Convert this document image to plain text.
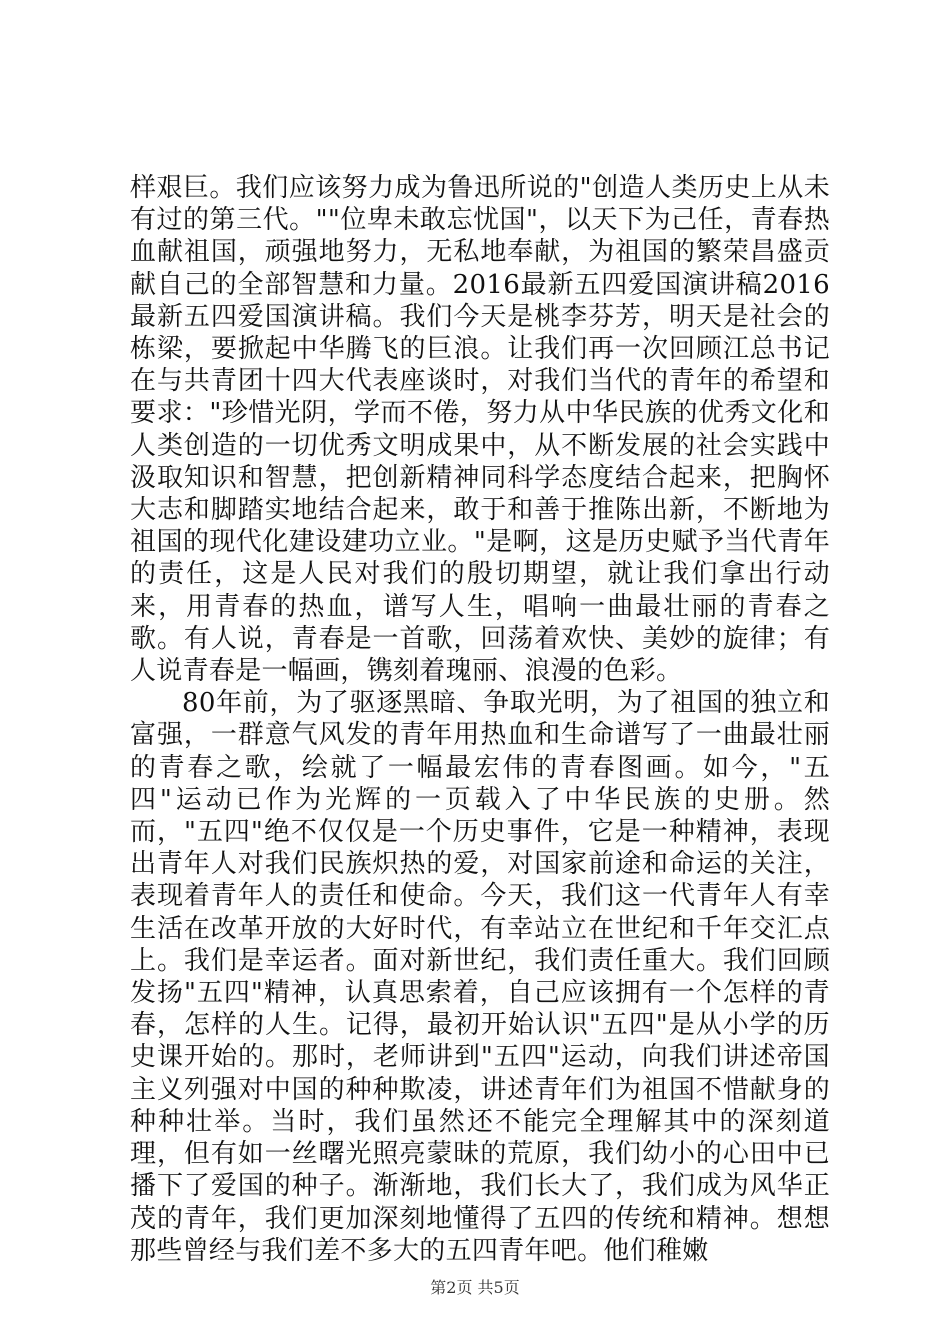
样艰巨。我们应该努力成为鲁迅所说的"创造人类历史上从未有过的第三代。""位卑未敢忘忧国"，以天下为己任，青春热血献祖国，顽强地努力，无私地奉献，为祖国的繁荣昌盛贡献自己的全部智慧和力量。2016最新五四爱国演讲稿2016最新五四爱国演讲稿。我们今天是桃李芬芳，明天是社会的栋梁，要掀起中华腾飞的巨浪。让我们再一次回顾江总书记在与共青团十四大代表座谈时，对我们当代的青年的希望和要求："珍惜光阴，学而不倦，努力从中华民族的优秀文化和人类创造的一切优秀文明成果中，从不断发展的社会实践中汲取知识和智慧，把创新精神同科学态度结合起来，把胸怀大志和脚踏实地结合起来，敢于和善于推陈出新，不断地为祖国的现代化建设建功立业。"是啊，这是历史赋予当代青年的责任，这是人民对我们的殷切期望，就让我们拿出行动来，用青春的热血，谱写人生，唱响一曲最壮丽的青春之歌。有人说，青春是一首歌，回荡着欢快、美妙的旋律；有人说青春是一幅画，镌刻着瑰丽、浪漫的色彩。

80年前，为了驱逐黑暗、争取光明，为了祖国的独立和富强，一群意气风发的青年用热血和生命谱写了一曲最壮丽的青春之歌，绘就了一幅最宏伟的青春图画。如今，"五四"运动已作为光辉的一页载入了中华民族的史册。然而，"五四"绝不仅仅是一个历史事件，它是一种精神，表现出青年人对我们民族炽热的爱，对国家前途和命运的关注，表现着青年人的责任和使命。今天，我们这一代青年人有幸生活在改革开放的大好时代，有幸站立在世纪和千年交汇点上。我们是幸运者。面对新世纪，我们责任重大。我们回顾发扬"五四"精神，认真思索着，自己应该拥有一个怎样的青春，怎样的人生。记得，最初开始认识"五四"是从小学的历史课开始的。那时，老师讲到"五四"运动，向我们讲述帝国主义列强对中国的种种欺凌，讲述青年们为祖国不惜献身的种种壮举。当时，我们虽然还不能完全理解其中的深刻道理，但有如一丝曙光照亮蒙昧的荒原，我们幼小的心田中已播下了爱国的种子。渐渐地，我们长大了，我们成为风华正茂的青年，我们更加深刻地懂得了五四的传统和精神。想想那些曾经与我们差不多大的五四青年吧。他们稚嫩

第2页 共5页
